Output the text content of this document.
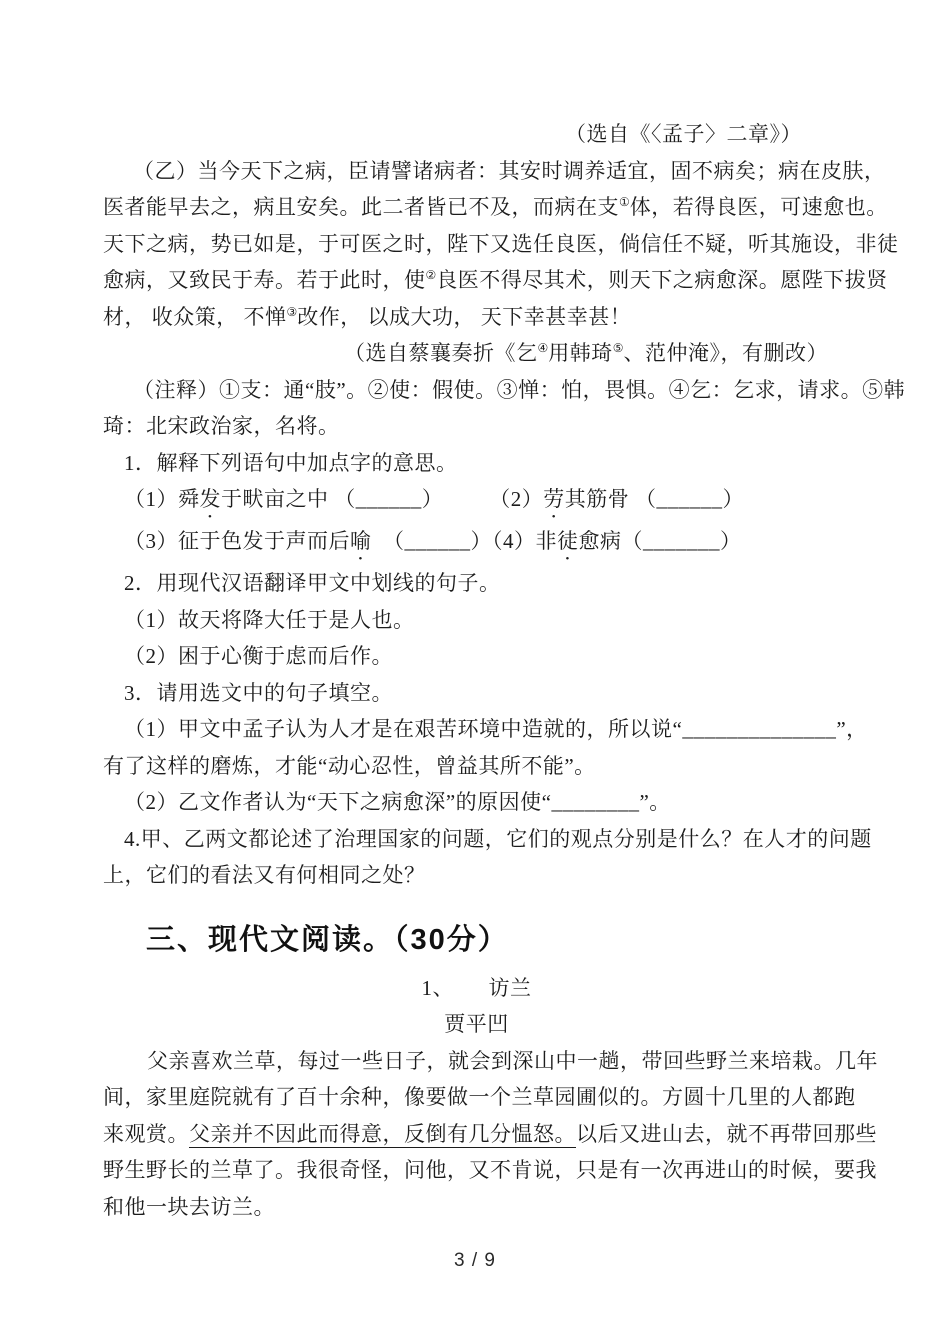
（选自《〈孟子〉二章》）
（乙）当今天下之病，臣请譬诸病者：其安时调养适宜，固不病矣；病在皮肤，
医者能早去之，病且安矣。此二者皆已不及，而病在支①体，若得良医，可速愈也。
天下之病，势已如是，于可医之时，陛下又选任良医，倘信任不疑，听其施设，非徒
愈病，又致民于寿。若于此时，使②良医不得尽其术，则天下之病愈深。愿陛下拔贤
材， 收众策， 不惮③改作， 以成大功， 天下幸甚幸甚！
（选自蔡襄奏折《乞④用韩琦⑤、范仲淹》，有删改）
（注释）①支：通“肢”。②使：假使。③惮：怕，畏惧。④乞：乞求，请求。⑤韩
琦：北宋政治家，名将。
1．解释下列语句中加点字的意思。
（1）舜发于畎亩之中 （______）        （2）劳其筋骨 （______）
（3）征于色发于声而后喻  （______）（4）非徒愈病（_______）
2．用现代汉语翻译甲文中划线的句子。
（1）故天将降大任于是人也。
（2）困于心衡于虑而后作。
3．请用选文中的句子填空。
（1）甲文中孟子认为人才是在艰苦环境中造就的，所以说“______________”，
有了这样的磨炼，才能“动心忍性，曾益其所不能”。
（2）乙文作者认为“天下之病愈深”的原因使“________”。
4.甲、乙两文都论述了治理国家的问题，它们的观点分别是什么？在人才的问题
上，它们的看法又有何相同之处？
三、现代文阅读。（30分）
1、      访兰
贾平凹
父亲喜欢兰草，每过一些日子，就会到深山中一趟，带回些野兰来培栽。几年
间，家里庭院就有了百十余种，像要做一个兰草园圃似的。方圆十几里的人都跑
来观赏。父亲并不因此而得意，反倒有几分愠怒。以后又进山去，就不再带回那些
野生野长的兰草了。我很奇怪，问他，又不肯说，只是有一次再进山的时候，要我
和他一块去访兰。
3 / 9
